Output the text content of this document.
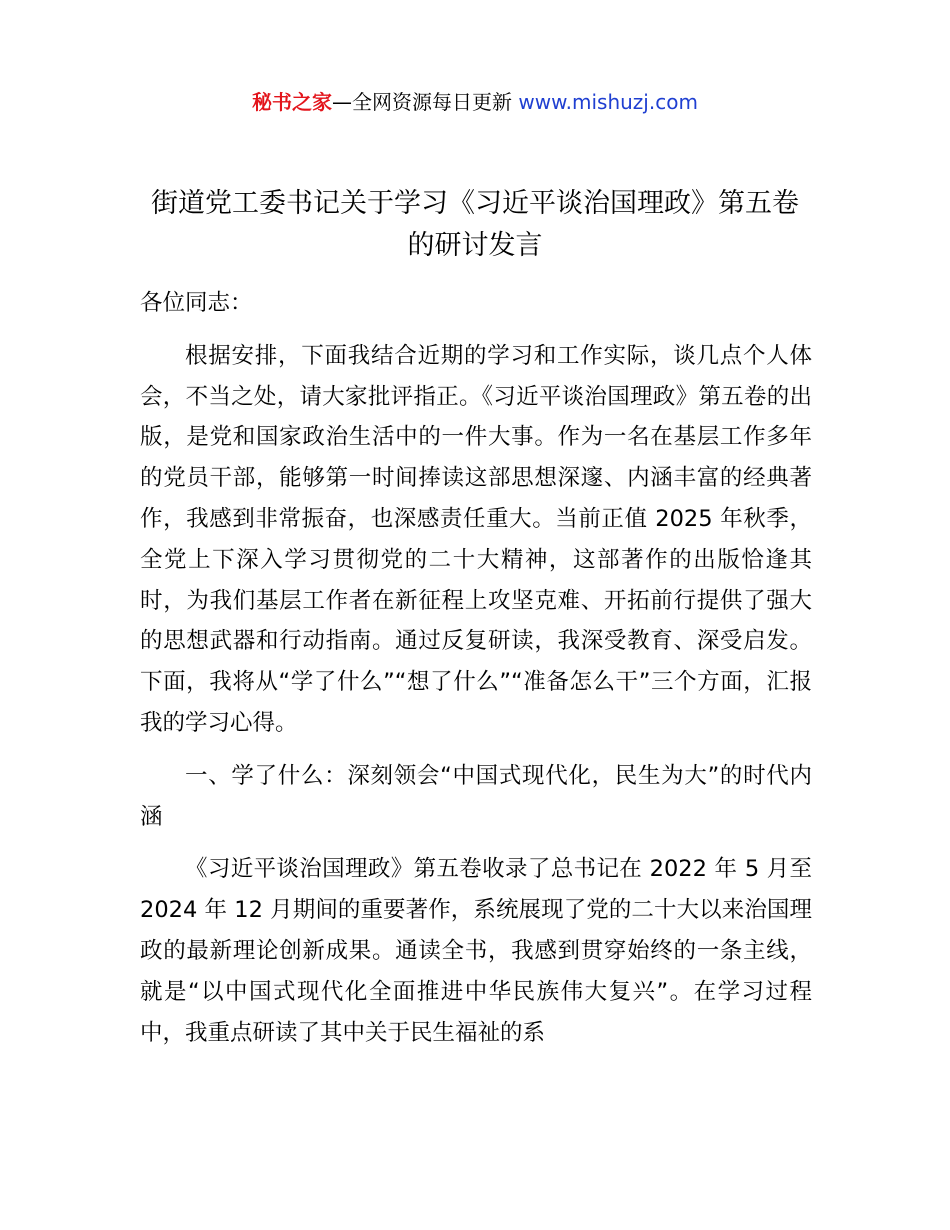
秘书之家—全网资源每日更新 www.mishuzj.com
街道党工委书记关于学习《习近平谈治国理政》第五卷的研讨发言

各位同志：

根据安排，下面我结合近期的学习和工作实际，谈几点个人体会，不当之处，请大家批评指正。《习近平谈治国理政》第五卷的出版，是党和国家政治生活中的一件大事。作为一名在基层工作多年的党员干部，能够第一时间捧读这部思想深邃、内涵丰富的经典著作，我感到非常振奋，也深感责任重大。当前正值 2025 年秋季，全党上下深入学习贯彻党的二十大精神，这部著作的出版恰逢其时，为我们基层工作者在新征程上攻坚克难、开拓前行提供了强大的思想武器和行动指南。通过反复研读，我深受教育、深受启发。下面，我将从“学了什么”“想了什么”“准备怎么干”三个方面，汇报我的学习心得。

一、学了什么：深刻领会“中国式现代化，民生为大”的时代内涵

《习近平谈治国理政》第五卷收录了总书记在 2022 年 5 月至 2024 年 12 月期间的重要著作，系统展现了党的二十大以来治国理政的最新理论创新成果。通读全书，我感到贯穿始终的一条主线，就是“以中国式现代化全面推进中华民族伟大复兴”。在学习过程中，我重点研读了其中关于民生福祉的系
